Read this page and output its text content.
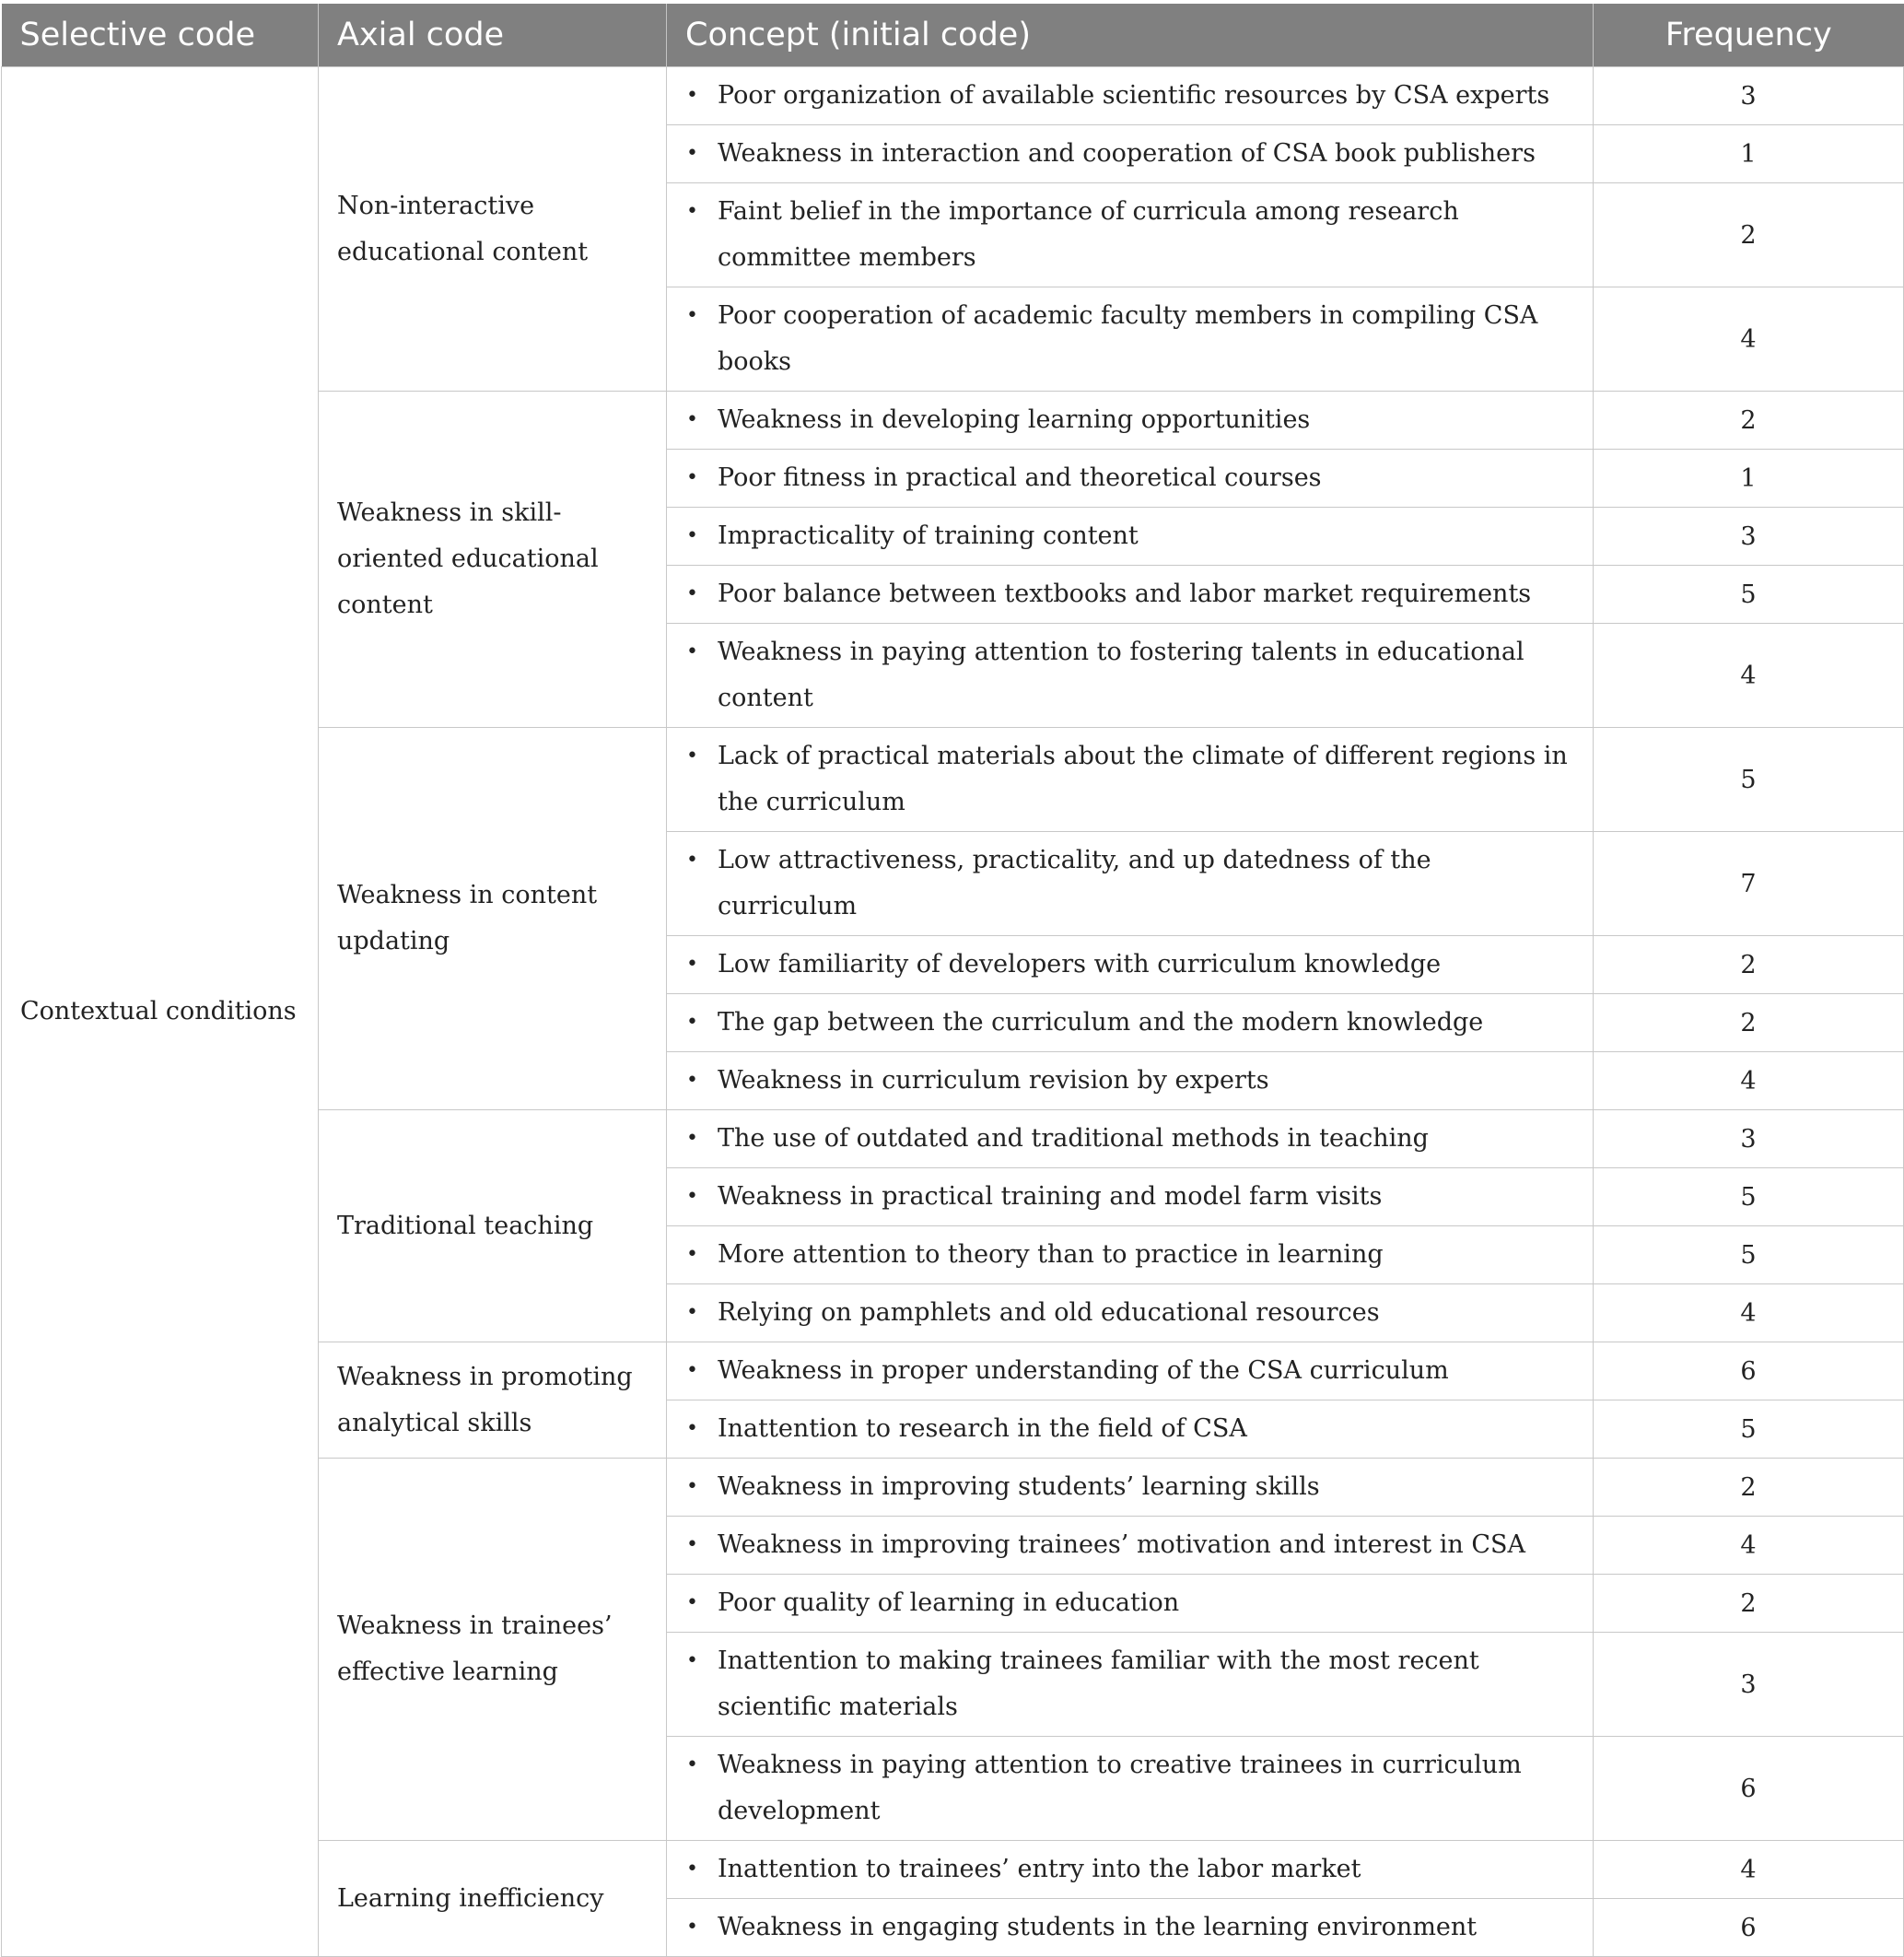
Selective code	Axial code	Concept (initial code)	Frequency
Contextual conditions	Non-interactive educational content	• Poor organization of available scientific resources by CSA experts	3

		• Weakness in interaction and cooperation of CSA book publishers	1

		• Faint belief in the importance of curricula among research committee members	2

		• Poor cooperation of academic faculty members in compiling CSA books	4
	Weakness in skill-oriented educational content	• Weakness in developing learning opportunities	2

		• Poor fitness in practical and theoretical courses	1

		• Impracticality of training content	3

		• Poor balance between textbooks and labor market requirements	5

		• Weakness in paying attention to fostering talents in educational content	4
	Weakness in content updating	• Lack of practical materials about the climate of different regions in the curriculum	5

		• Low attractiveness, practicality, and up datedness of the curriculum	7

		• Low familiarity of developers with curriculum knowledge	2

		• The gap between the curriculum and the modern knowledge	2

		• Weakness in curriculum revision by experts	4
	Traditional teaching	• The use of outdated and traditional methods in teaching	3

		• Weakness in practical training and model farm visits	5

		• More attention to theory than to practice in learning	5

		• Relying on pamphlets and old educational resources	4
	Weakness in promoting analytical skills	• Weakness in proper understanding of the CSA curriculum	6

		• Inattention to research in the field of CSA	5
	Weakness in trainees’ effective learning	• Weakness in improving students’ learning skills	2

		• Weakness in improving trainees’ motivation and interest in CSA	4

		• Poor quality of learning in education	2

		• Inattention to making trainees familiar with the most recent scientific materials	3

		• Weakness in paying attention to creative trainees in curriculum development	6
	Learning inefficiency	• Inattention to trainees’ entry into the labor market	4

		• Weakness in engaging students in the learning environment	6
